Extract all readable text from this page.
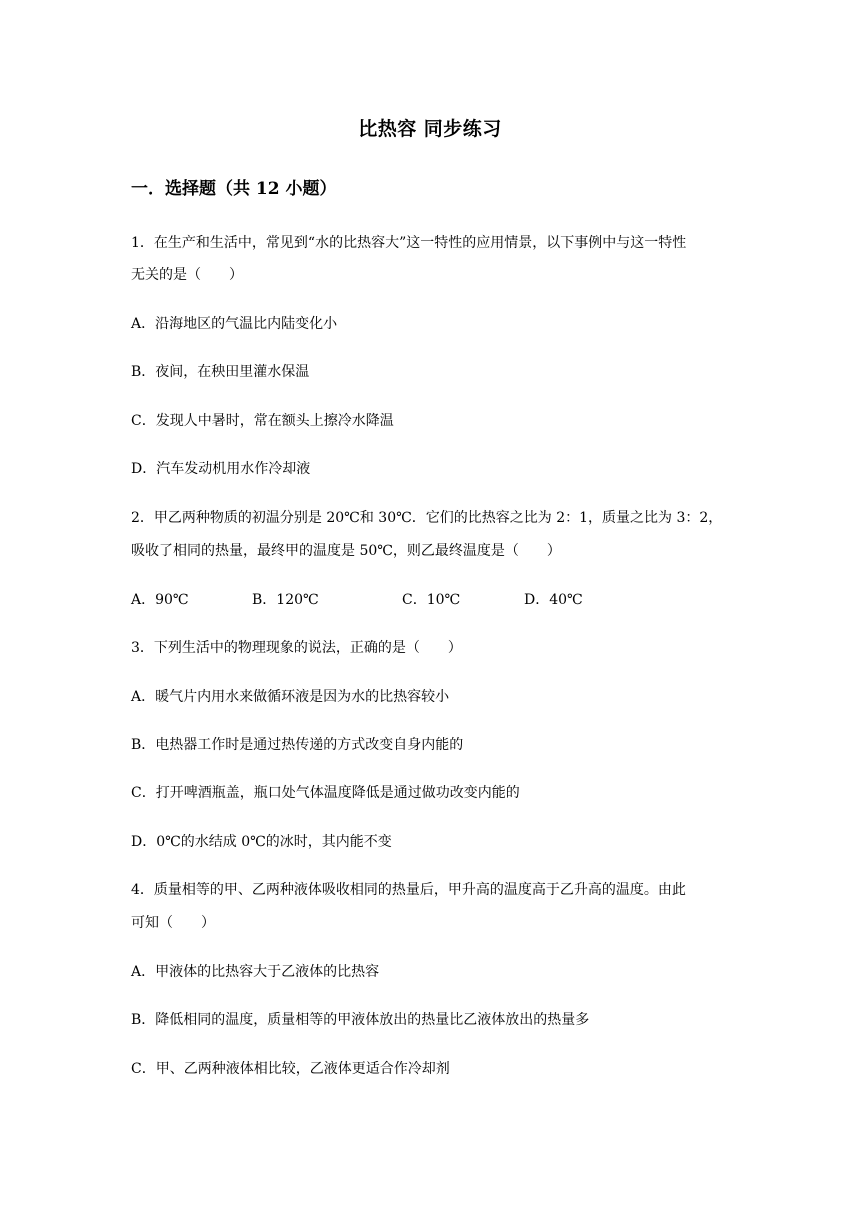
比热容 同步练习
一．选择题（共 12 小题）
1．在生产和生活中，常见到“水的比热容大”这一特性的应用情景，以下事例中与这一特性
无关的是（　　）
A．沿海地区的气温比内陆变化小
B．夜间，在秧田里灌水保温
C．发现人中暑时，常在额头上擦冷水降温
D．汽车发动机用水作冷却液
2．甲乙两种物质的初温分别是 20℃和 30℃．它们的比热容之比为 2：1，质量之比为 3：2，
吸收了相同的热量，最终甲的温度是 50℃，则乙最终温度是（　　）
A．90℃	B．120℃	C．10℃	D．40℃
3．下列生活中的物理现象的说法，正确的是（　　）
A．暖气片内用水来做循环液是因为水的比热容较小
B．电热器工作时是通过热传递的方式改变自身内能的
C．打开啤酒瓶盖，瓶口处气体温度降低是通过做功改变内能的
D．0℃的水结成 0℃的冰时，其内能不变
4．质量相等的甲、乙两种液体吸收相同的热量后，甲升高的温度高于乙升高的温度。由此
可知（　　）
A．甲液体的比热容大于乙液体的比热容
B．降低相同的温度，质量相等的甲液体放出的热量比乙液体放出的热量多
C．甲、乙两种液体相比较，乙液体更适合作冷却剂
